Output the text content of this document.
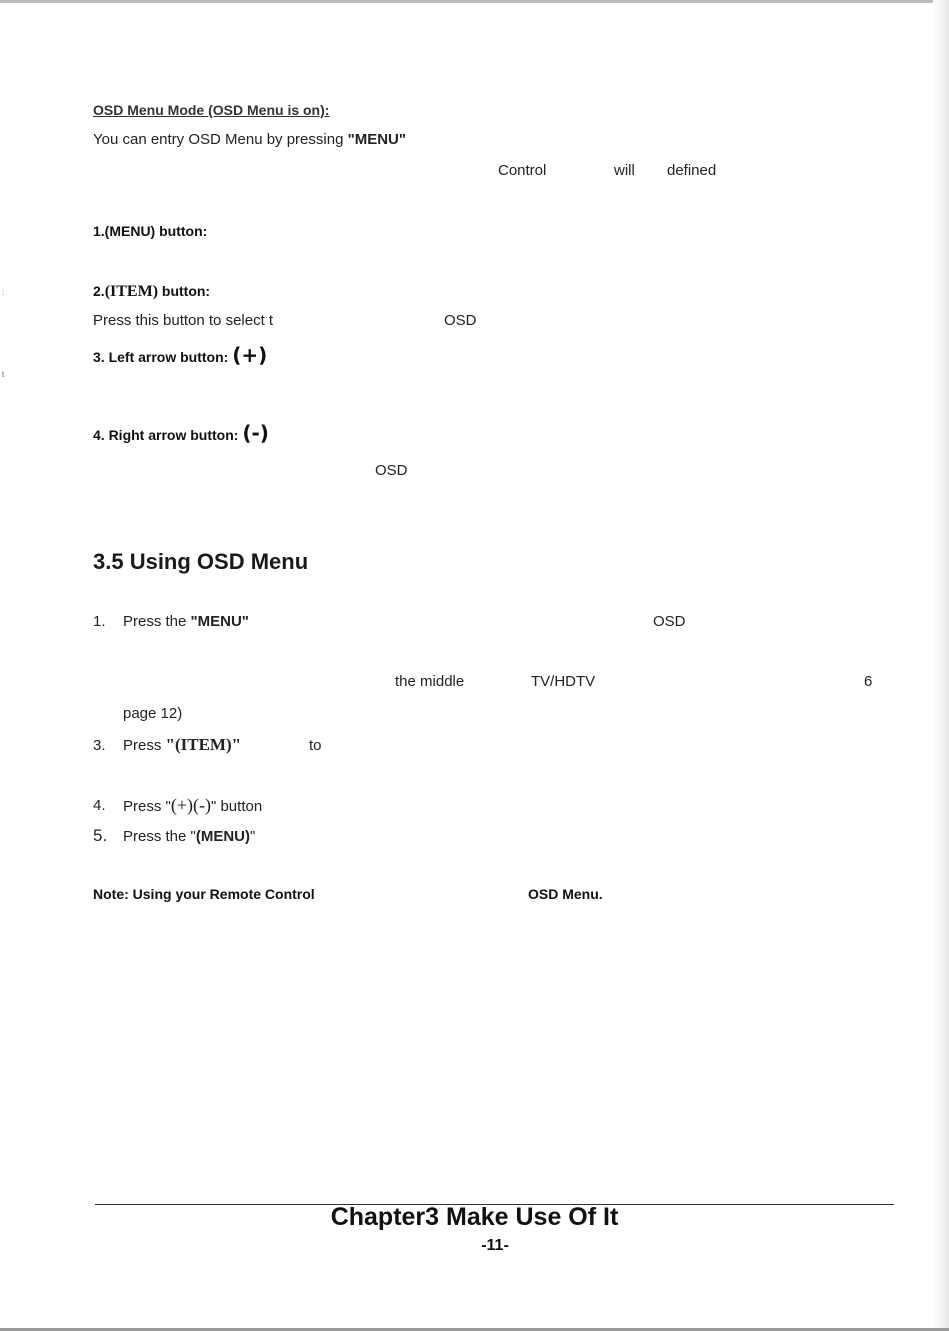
OSD Menu Mode (OSD Menu is on):
You can entry OSD Menu by pressing "MENU"
Control	will defined
1.(MENU) button:
:	2.(ITEM) button:
Press this button to select t	OSD
3. Left arrow button: (+)
t
4. Right arrow button: (-)
OSD
3.5 Using OSD Menu
1. Press the "MENU"	OSD
the middle	TV/HDTV	6
page 12)
3. Press "(ITEM)"	to
4. Press "(+)(-)" button
5. Press the "(MENU)"
Note: Using your Remote Control	OSD Menu.
Chapter3 Make Use Of It
-11-
